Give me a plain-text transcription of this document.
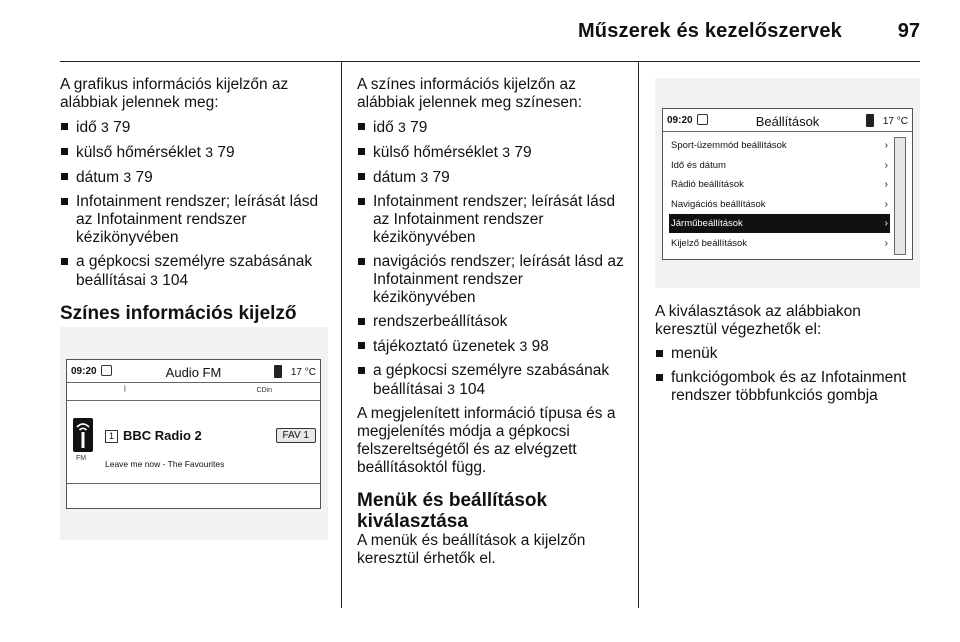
Műszerek és kezelőszervek	97

A grafikus információs kijelzőn az alábbiak jelennek meg:

idő 3 79
külső hőmérséklet 3 79
dátum 3 79
Infotainment rendszer; leírását lásd az Infotainment rendszer kézikönyvében
a gépkocsi személyre szabásának beállításai 3 104
Színes információs kijelző
09:20	Audio FM	17 °C
ᛒ	CDin
FM
1 BBC Radio 2	FAV 1
Leave me now - The Favourites

A színes információs kijelzőn az alábbiak jelennek meg színesen:

idő 3 79
külső hőmérséklet 3 79
dátum 3 79
Infotainment rendszer; leírását lásd az Infotainment rendszer kézikönyvében
navigációs rendszer; leírását lásd az Infotainment rendszer kézikönyvében
rendszerbeállítások
tájékoztató üzenetek 3 98
a gépkocsi személyre szabásának beállításai 3 104

A megjelenített információ típusa és a megjelenítés módja a gépkocsi felszereltségétől és az elvégzett beállításoktól függ.

Menük és beállítások kiválasztása

A menük és beállítások a kijelzőn keresztül érhetők el.

09:20	Beállítások	17 °C
Sport-üzemmód beállítások	›
Idő és dátum	›
Rádió beállítások	›
Navigációs beállítások	›
Járműbeállítások	›
Kijelző beállítások	›

A kiválasztások az alábbiakon keresztül végezhetők el:

menük
funkciógombok és az Infotainment rendszer többfunkciós gombja
